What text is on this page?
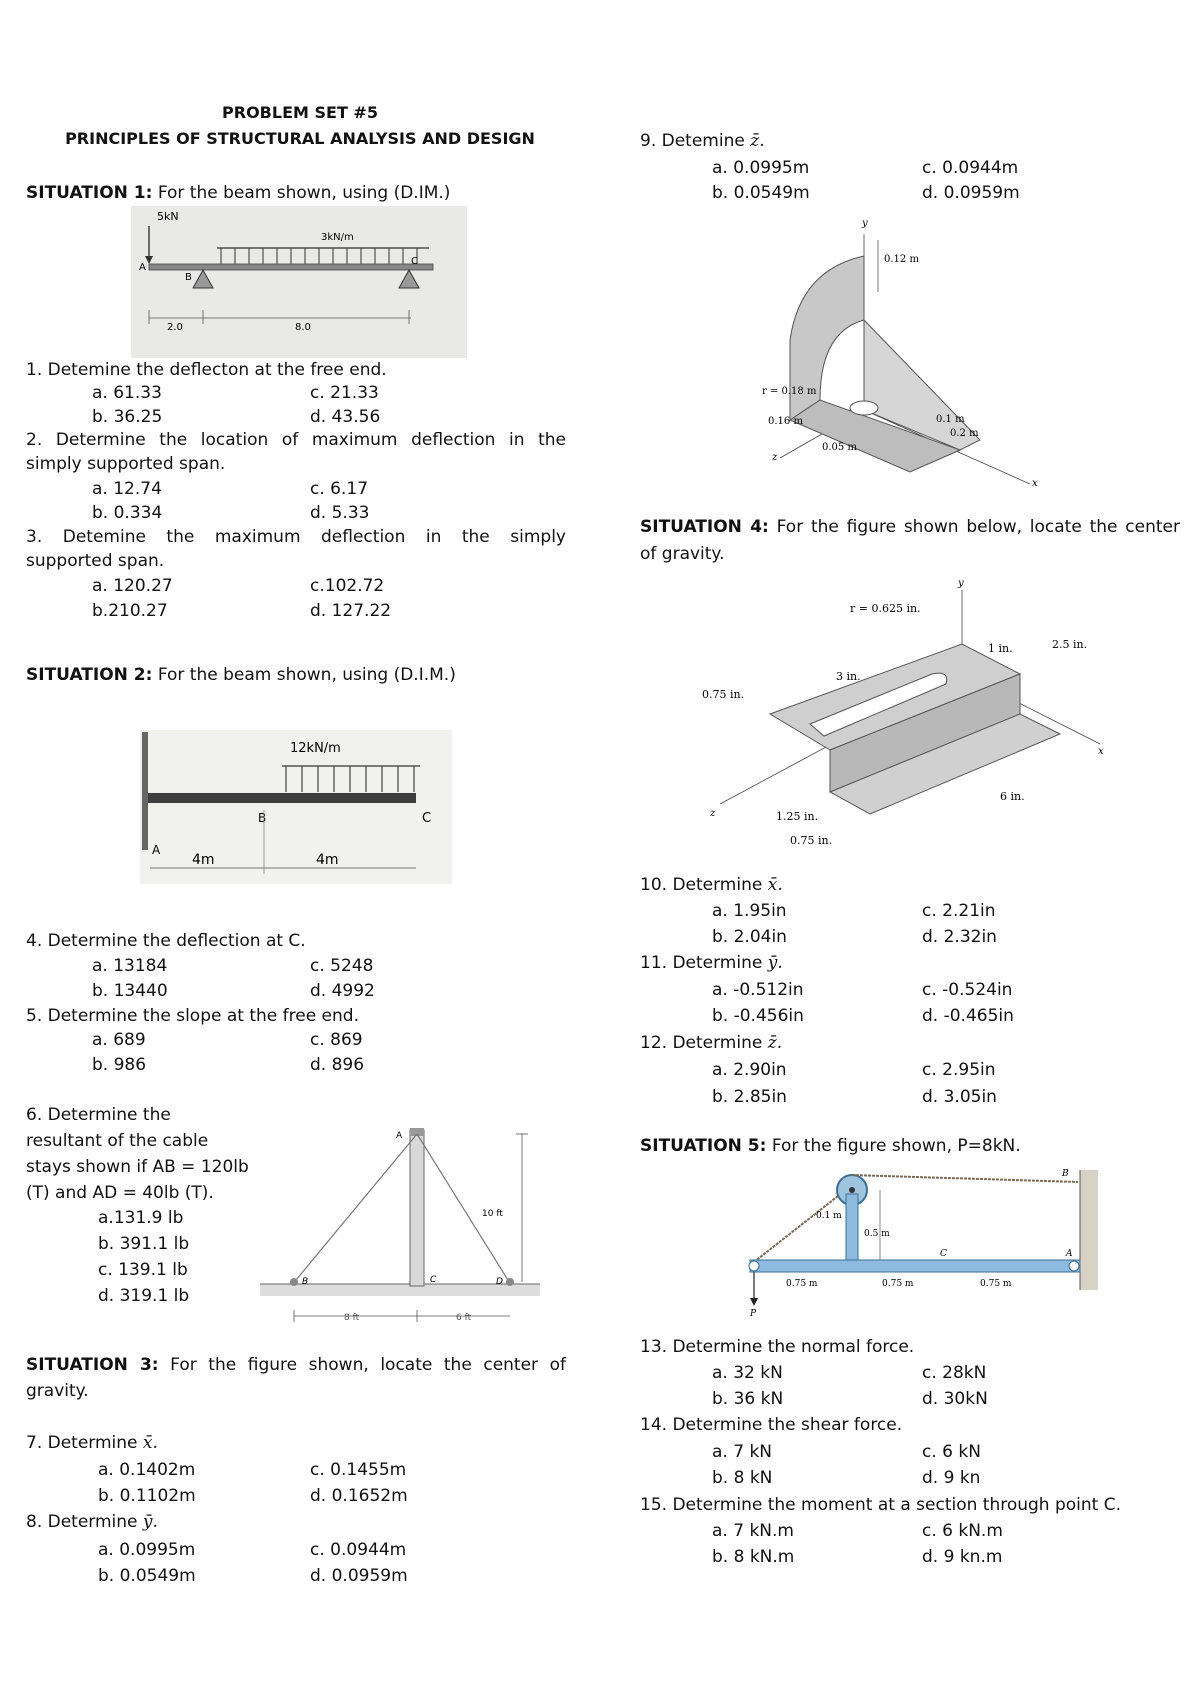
PROBLEM SET #5
PRINCIPLES OF STRUCTURAL ANALYSIS AND DESIGN
SITUATION 1: For the beam shown, using (D.IM.)
5kN
3kN/m
A
B
C
2.0	8.0
1. Detemine the deflecton at the free end.
a. 61.33	c. 21.33
b. 36.25	d. 43.56
2. Determine the location of maximum deflection in the
simply supported span.
a. 12.74	c. 6.17
b. 0.334	d. 5.33
3. Detemine the maximum deflection in the simply
supported span.
a. 120.27	c.102.72
b.210.27	d. 127.22
SITUATION 2: For the beam shown, using (D.I.M.)
12kN/m
B	C
A
4m	4m
4. Determine the deflection at C.
a. 13184	c. 5248
b. 13440	d. 4992
5. Determine the slope at the free end.
a. 689	c. 869
b. 986	d. 896
6. Determine the
resultant of the cable
stays shown if AB = 120lb
(T) and AD = 40lb (T).
a.131.9 lb
b. 391.1 lb
c. 139.1 lb
d. 319.1 lb
A
B	C	D
10 ft
8 ft	6 ft
SITUATION 3: For the figure shown, locate the center of
gravity.
7. Determine x̄.
a. 0.1402m	c. 0.1455m
b. 0.1102m	d. 0.1652m
8. Determine ȳ.
a. 0.0995m	c. 0.0944m
b. 0.0549m	d. 0.0959m
9. Detemine z̄.
a. 0.0995m	c. 0.0944m
b. 0.0549m	d. 0.0959m
y
z
x
0.12 m
r = 0.18 m
0.16 m
0.05 m
0.1 m
0.2 m
SITUATION 4: For the figure shown below, locate the center
of gravity.
y
z
x
r = 0.625 in.
1 in.	2.5 in.
3 in.
0.75 in.
1.25 in.
0.75 in.
6 in.
10. Determine x̄.
a. 1.95in	c. 2.21in
b. 2.04in	d. 2.32in
11. Determine ȳ.
a. -0.512in	c. -0.524in
b. -0.456in	d. -0.465in
12. Determine z̄.
a. 2.90in	c. 2.95in
b. 2.85in	d. 3.05in
SITUATION 5: For the figure shown, P=8kN.
B
A
C
0.1 m
0.5 m
P
0.75 m	0.75 m	0.75 m
13. Determine the normal force.
a. 32 kN	c. 28kN
b. 36 kN	d. 30kN
14. Determine the shear force.
a. 7 kN	c. 6 kN
b. 8 kN	d. 9 kn
15. Determine the moment at a section through point C.
a. 7 kN.m	c. 6 kN.m
b. 8 kN.m	d. 9 kn.m
